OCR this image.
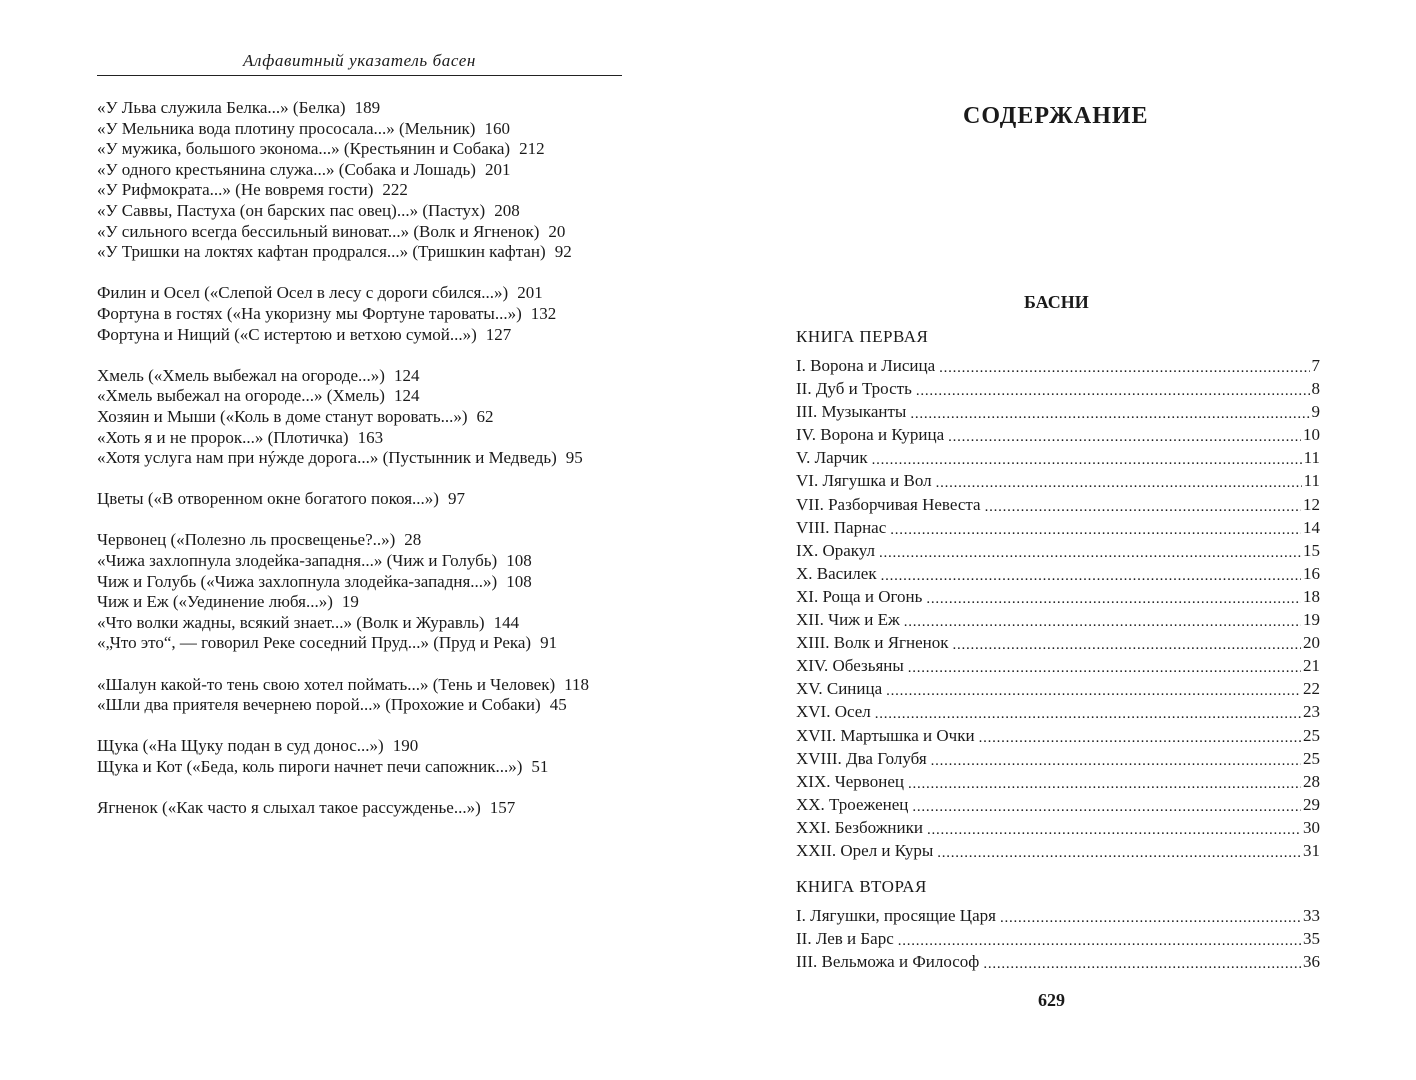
Алфавитный указатель басен
«У Льва служила Белка...» (Белка) 189
«У Мельника вода плотину прососала...» (Мельник) 160
«У мужика, большого эконома...» (Крестьянин и Собака) 212
«У одного крестьянина служа...» (Собака и Лошадь) 201
«У Рифмократа...» (Не вовремя гости) 222
«У Саввы, Пастуха (он барских пас овец)...» (Пастух) 208
«У сильного всегда бессильный виноват...» (Волк и Ягненок) 20
«У Тришки на локтях кафтан продрался...» (Тришкин кафтан) 92
Филин и Осел («Слепой Осел в лесу с дороги сбился...») 201
Фортуна в гостях («На укоризну мы Фортуне тароваты...») 132
Фортуна и Нищий («С истертою и ветхою сумой...») 127
Хмель («Хмель выбежал на огороде...») 124
«Хмель выбежал на огороде...» (Хмель) 124
Хозяин и Мыши («Коль в доме станут воровать...») 62
«Хоть я и не пророк...» (Плотичка) 163
«Хотя услуга нам при нýжде дорога...» (Пустынник и Медведь) 95
Цветы («В отворенном окне богатого покоя...») 97
Червонец («Полезно ль просвещенье?..») 28
«Чижа захлопнула злодейка-западня...» (Чиж и Голубь) 108
Чиж и Голубь («Чижа захлопнула злодейка-западня...») 108
Чиж и Еж («Уединение любя...») 19
«Что волки жадны, всякий знает...» (Волк и Журавль) 144
«„Что это“, — говорил Реке соседний Пруд...» (Пруд и Река) 91
«Шалун какой-то тень свою хотел поймать...» (Тень и Человек) 118
«Шли два приятеля вечернею порой...» (Прохожие и Собаки) 45
Щука («На Щуку подан в суд донос...») 190
Щука и Кот («Беда, коль пироги начнет печи сапожник...») 51
Ягненок («Как часто я слыхал такое рассужденье...») 157
СОДЕРЖАНИЕ
БАСНИ
КНИГА ПЕРВАЯ
I. Ворона и Лисица . . .	7
II. Дуб и Трость . . .	8
III. Музыканты . . .	9
IV. Ворона и Курица . . .	10
V. Ларчик . . .	11
VI. Лягушка и Вол . . .	11
VII. Разборчивая Невеста . . .	12
VIII. Парнас . . .	14
IX. Оракул . . .	15
X. Василек . . .	16
XI. Роща и Огонь . . .	18
XII. Чиж и Еж . . .	19
XIII. Волк и Ягненок . . .	20
XIV. Обезьяны . . .	21
XV. Синица . . .	22
XVI. Осел . . .	23
XVII. Мартышка и Очки . . .	25
XVIII. Два Голубя . . .	25
XIX. Червонец . . .	28
XX. Троеженец . . .	29
XXI. Безбожники . . .	30
XXII. Орел и Куры . . .	31
КНИГА ВТОРАЯ
I. Лягушки, просящие Царя . . .	33
II. Лев и Барс . . .	35
III. Вельможа и Философ . . .	36
629
